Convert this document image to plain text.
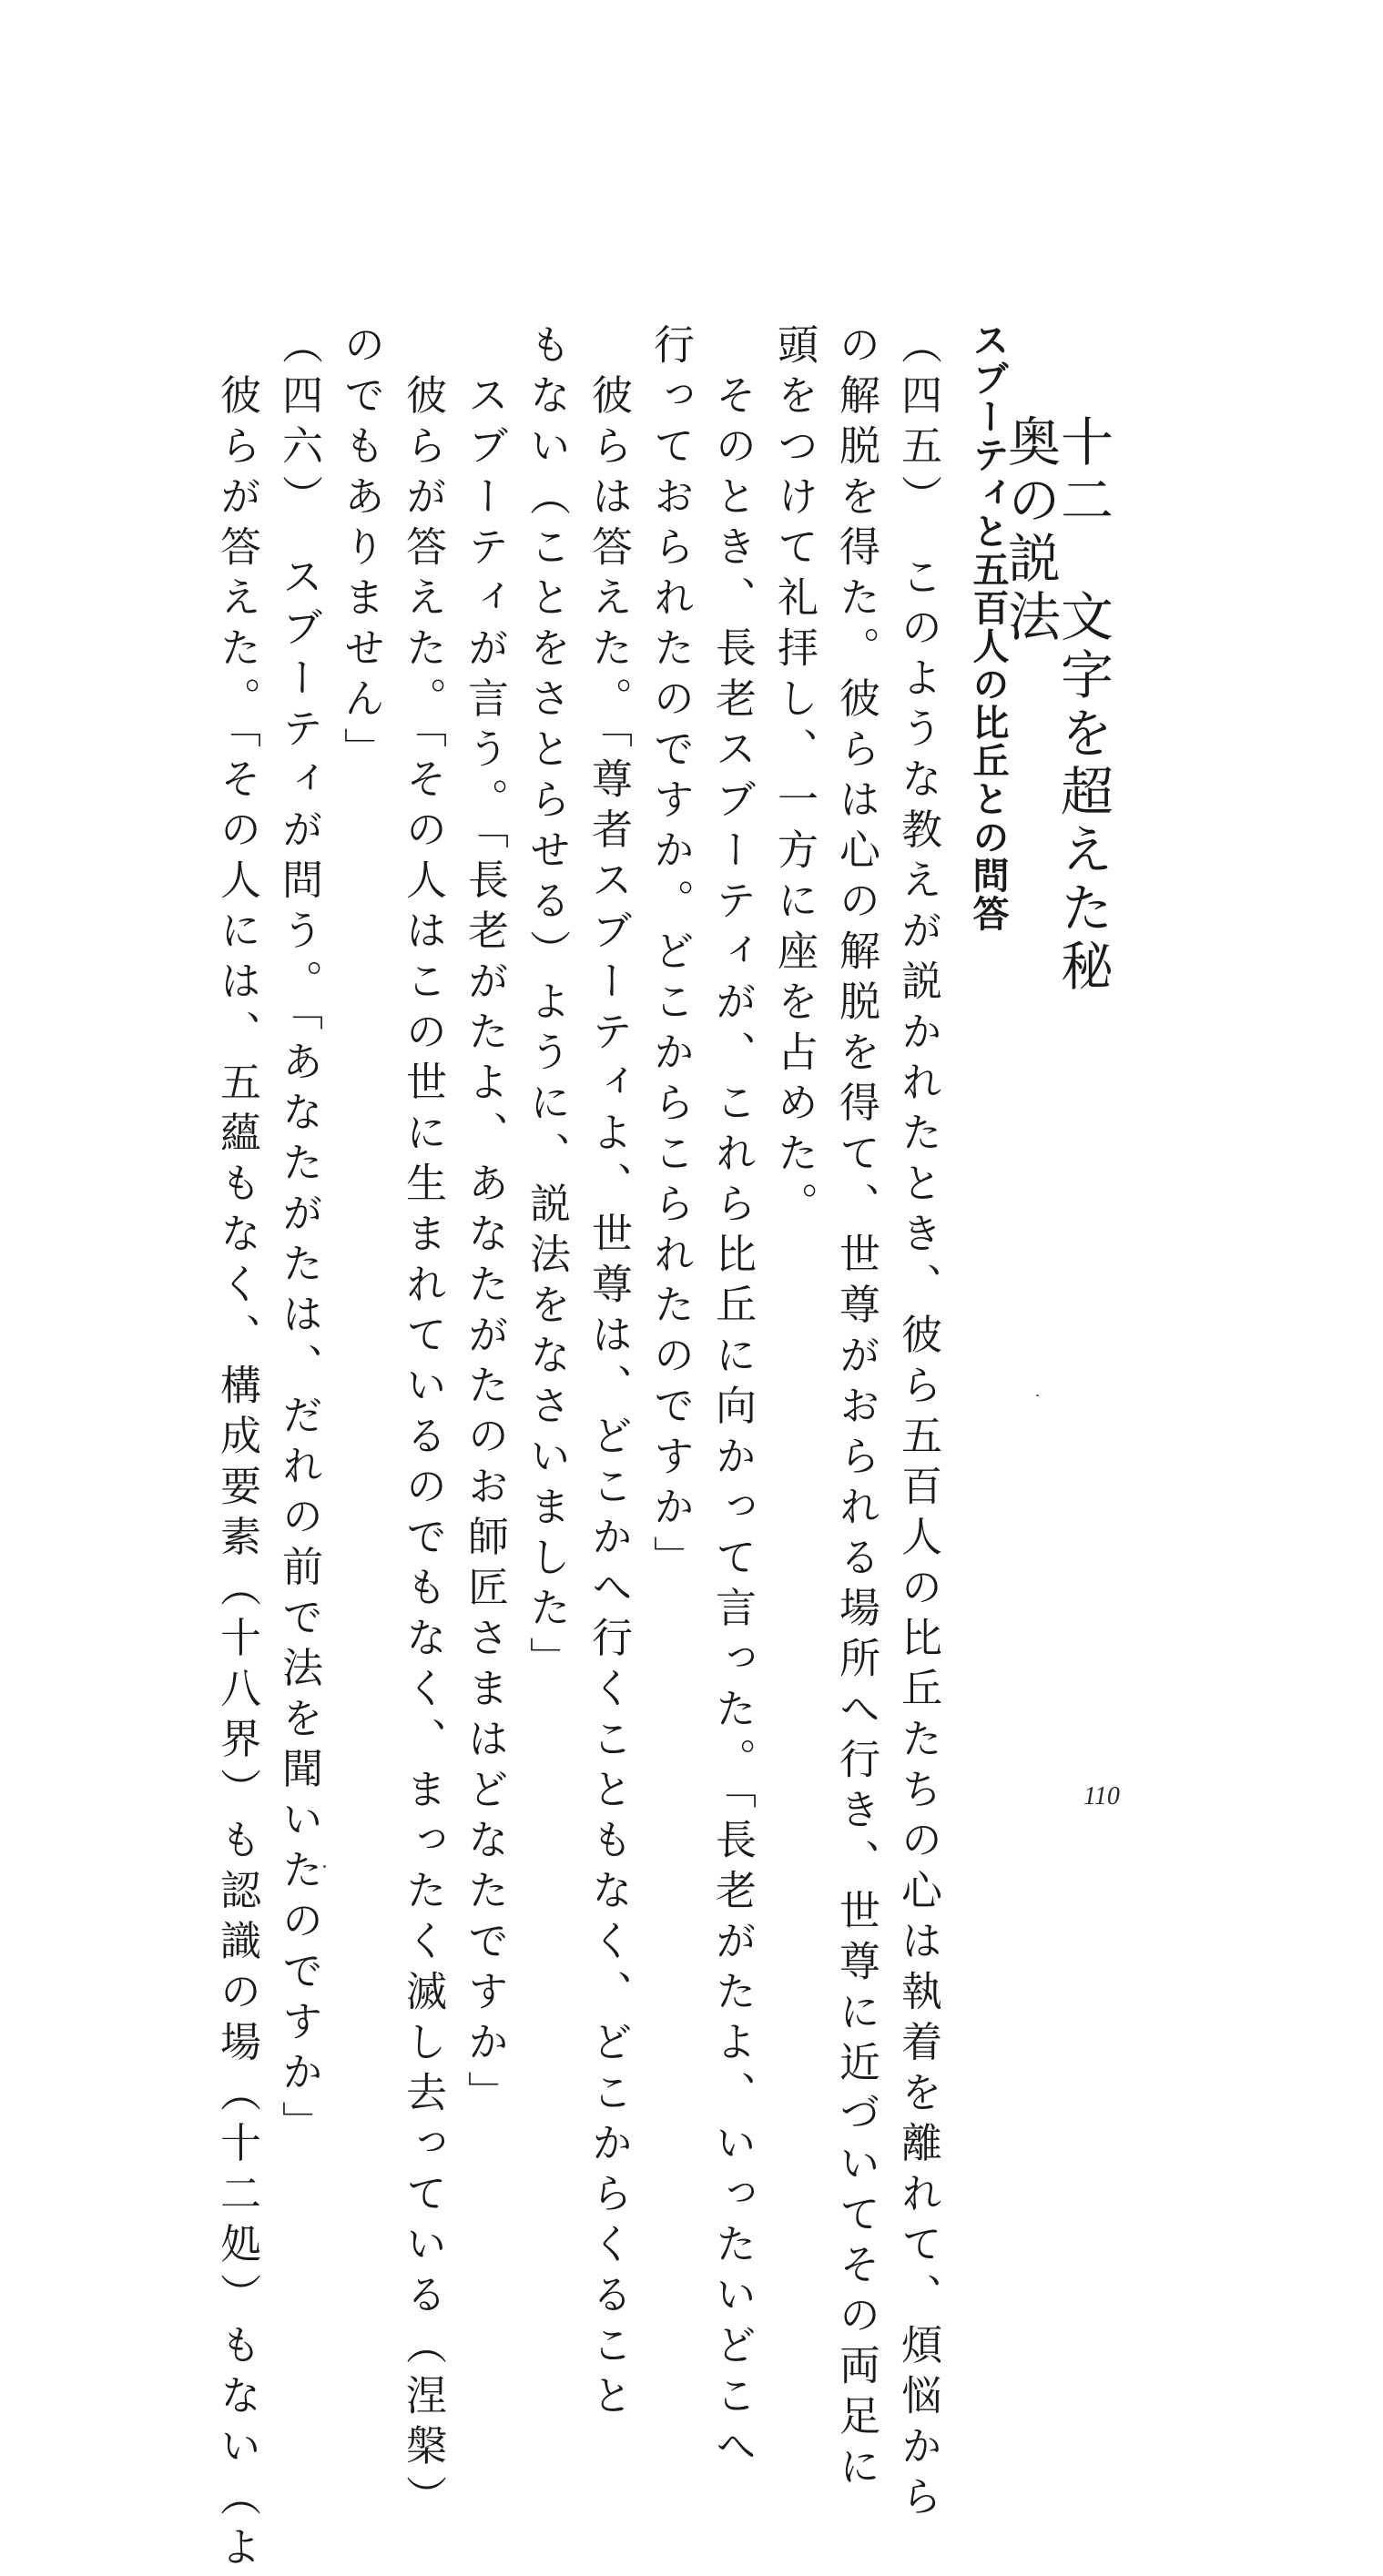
十二　文字を超えた秘奥の説法
スブーティと五百人の比丘との問答
（四五）　このような教えが説かれたとき、彼ら五百人の比丘たちの心は執着を離れて、煩悩から
の解脱を得た。彼らは心の解脱を得て、世尊がおられる場所へ行き、世尊に近づいてその両足に
頭をつけて礼拝し、一方に座を占めた。
　そのとき、長老スブーティが、これら比丘に向かって言った。「長老がたよ、いったいどこへ
行っておられたのですか。どこからこられたのですか」
　彼らは答えた。「尊者スブーティよ、世尊は、どこかへ行くこともなく、どこからくること
もない（ことをさとらせる）ように、説法をなさいました」
　スブーティが言う。「長老がたよ、あなたがたのお師匠さまはどなたですか」
　彼らが答えた。「その人はこの世に生まれているのでもなく、まったく滅し去っている（涅槃）
のでもありません」
（四六）　スブーティが問う。「あなたがたは、だれの前で法を聞いたのですか」
　彼らが答えた。「その人には、五蘊もなく、構成要素（十八界）も認識の場（十二処）もない（よ	110
